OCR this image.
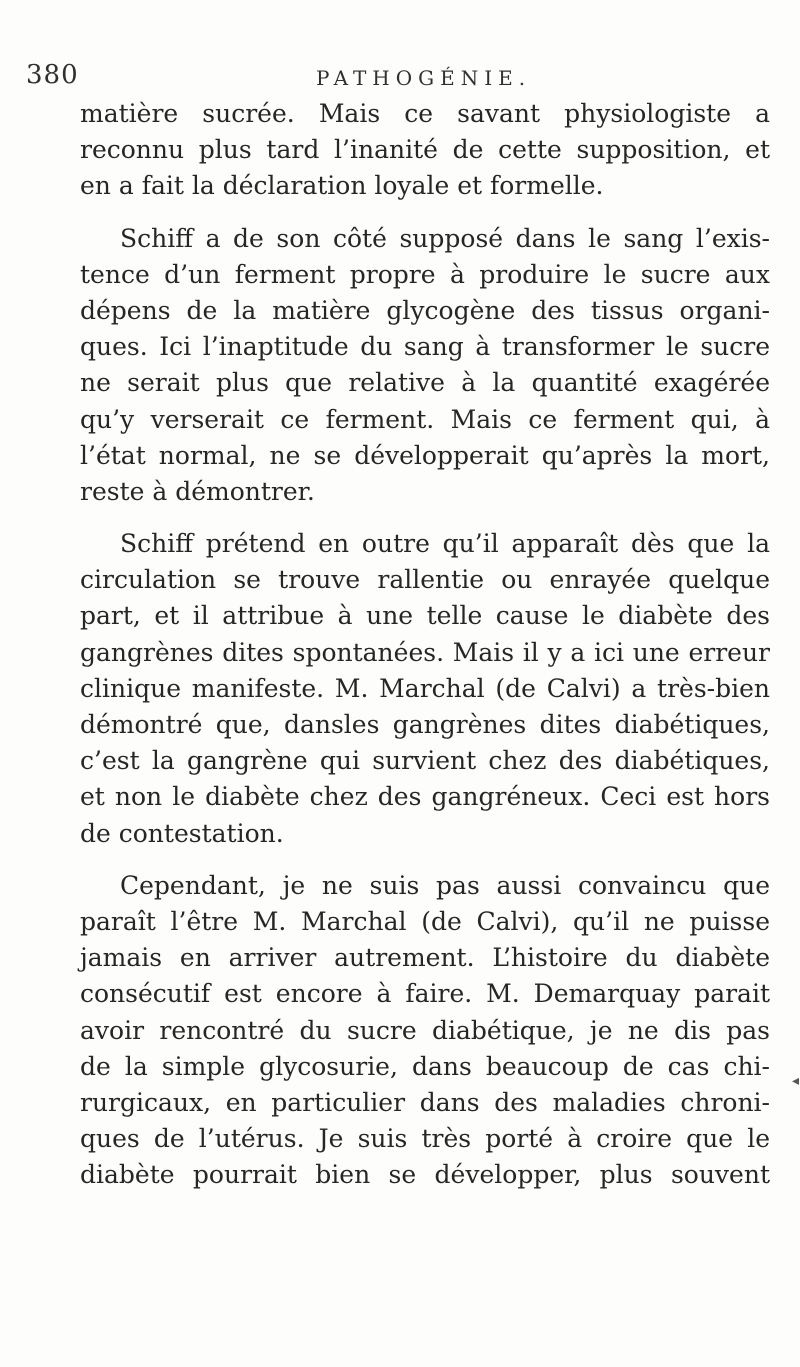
380	PATHOGÉNIE.
matière sucrée. Mais ce savant physiologiste a
reconnu plus tard l’inanité de cette supposition, et
en a fait la déclaration loyale et formelle.
Schiff a de son côté supposé dans le sang l’exis-
tence d’un ferment propre à produire le sucre aux
dépens de la matière glycogène des tissus organi-
ques. Ici l’inaptitude du sang à transformer le sucre
ne serait plus que relative à la quantité exagérée
qu’y verserait ce ferment. Mais ce ferment qui, à
l’état normal, ne se développerait qu’après la mort,
reste à démontrer.
Schiff prétend en outre qu’il apparaît dès que la
circulation se trouve rallentie ou enrayée quelque
part, et il attribue à une telle cause le diabète des
gangrènes dites spontanées. Mais il y a ici une erreur
clinique manifeste. M. Marchal (de Calvi) a très-bien
démontré que, dansles gangrènes dites diabétiques,
c’est la gangrène qui survient chez des diabétiques,
et non le diabète chez des gangréneux. Ceci est hors
de contestation.
Cependant, je ne suis pas aussi convaincu que
paraît l’être M. Marchal (de Calvi), qu’il ne puisse
jamais en arriver autrement. L’histoire du diabète
consécutif est encore à faire. M. Demarquay parait
avoir rencontré du sucre diabétique, je ne dis pas
de la simple glycosurie, dans beaucoup de cas chi-
rurgicaux, en particulier dans des maladies chroni-
ques de l’utérus. Je suis très porté à croire que le
diabète pourrait bien se développer, plus souvent
◂
